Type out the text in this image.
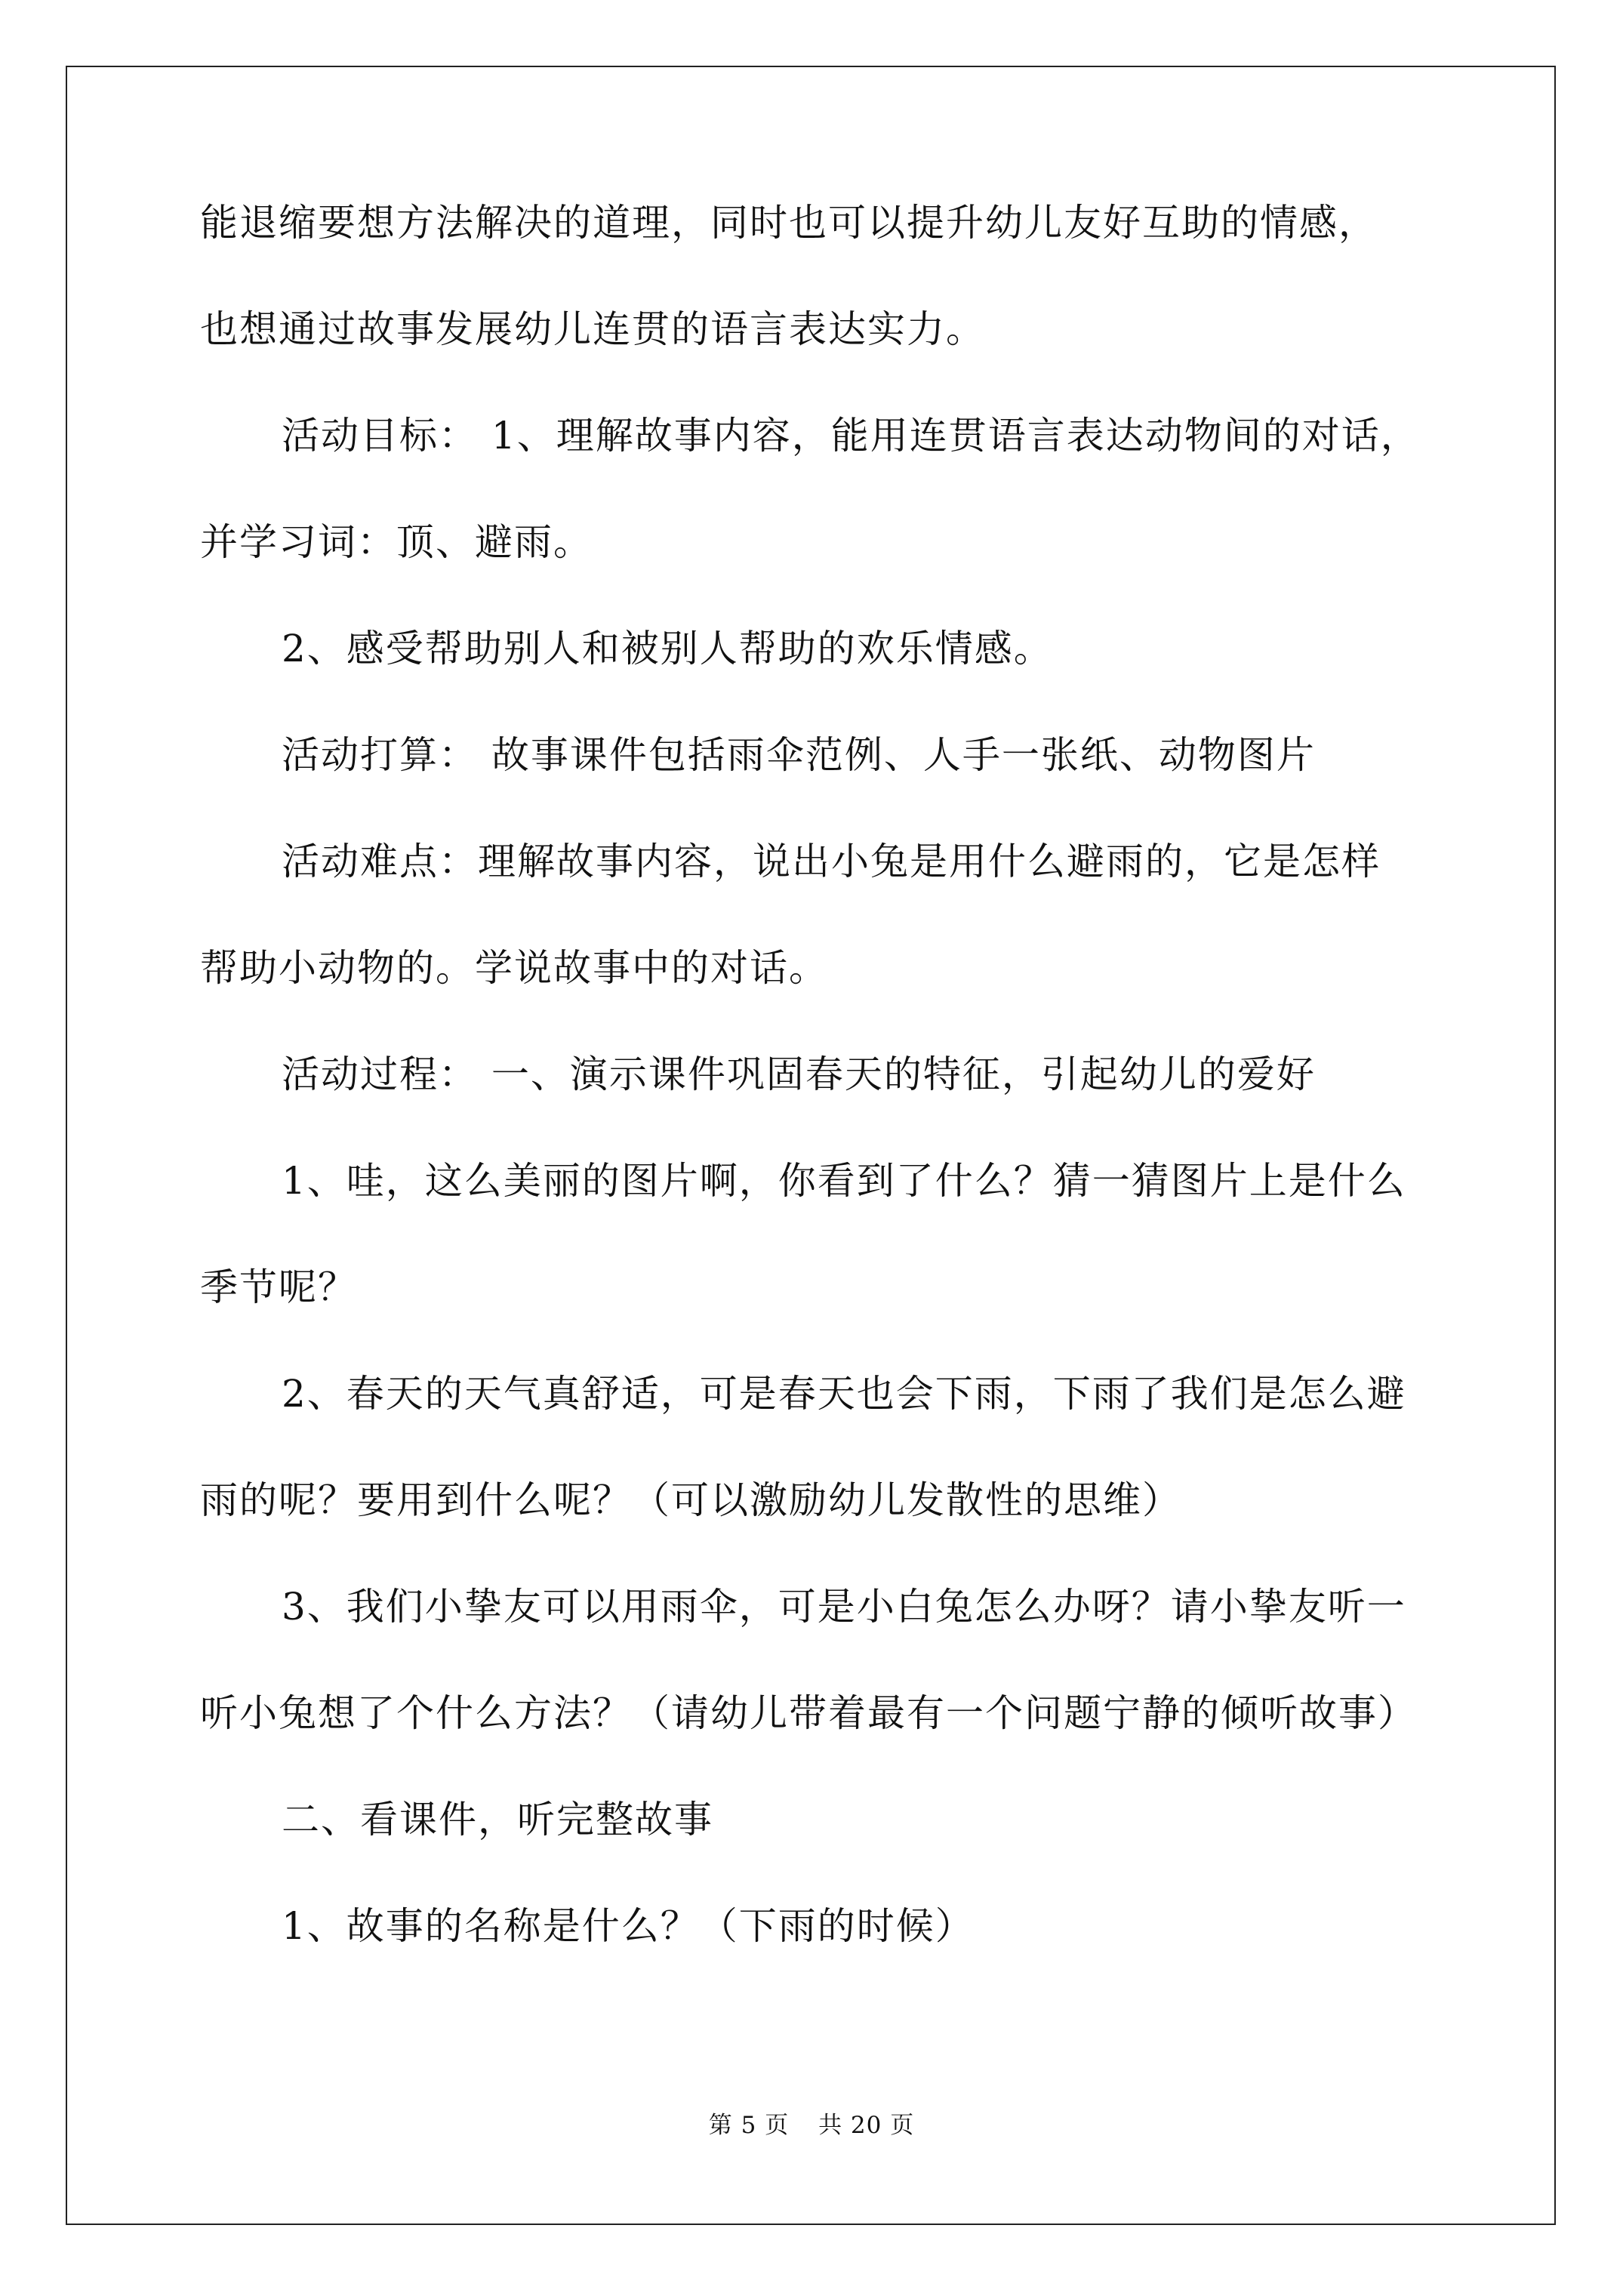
能退缩要想方法解决的道理，同时也可以提升幼儿友好互助的情感，
也想通过故事发展幼儿连贯的语言表达实力。
活动目标： 1、理解故事内容，能用连贯语言表达动物间的对话，
并学习词：顶、避雨。
2、感受帮助别人和被别人帮助的欢乐情感。
活动打算： 故事课件包括雨伞范例、人手一张纸、动物图片
活动难点：理解故事内容，说出小兔是用什么避雨的，它是怎样
帮助小动物的。学说故事中的对话。
活动过程： 一、演示课件巩固春天的特征，引起幼儿的爱好
1、哇，这么美丽的图片啊，你看到了什么？猜一猜图片上是什么
季节呢？
2、春天的天气真舒适，可是春天也会下雨，下雨了我们是怎么避
雨的呢？要用到什么呢？（可以激励幼儿发散性的思维）
3、我们小挚友可以用雨伞，可是小白兔怎么办呀？请小挚友听一
听小兔想了个什么方法？（请幼儿带着最有一个问题宁静的倾听故事）
二、看课件，听完整故事
1、故事的名称是什么？（下雨的时候）
第 5 页 共 20 页
